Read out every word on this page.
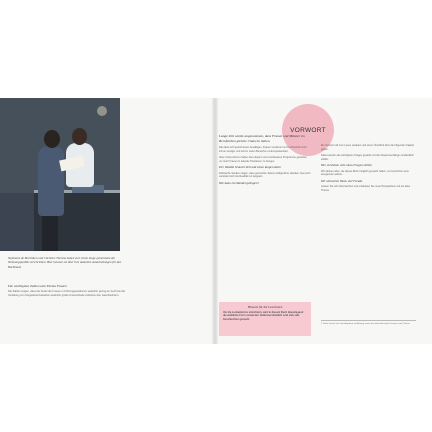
Stephanie de Mortillaro und Christine Theresa haben sich schon lange gemeinsam der Wohnungspolitik verschrieben. Hier beraten sie über ihre aktuellen Ausarbeitungen für den Buchband.
Die wichtigsten Zahlen zum Thema Frauen
Die Zahlen zeigen, dass der Anteil der Frauen in Führungspositionen weiterhin gering ist. Auch bei der Verteilung von Sorgearbeit bestehen weiterhin große Unterschiede zwischen den Geschlechtern.
VORWORT
Lange Zeit wurde angenommen, dass Frauen und Männer im Berufsleben gleiche Chancen haben.
Das lässt sich jedoch kaum bestätigen. Frauen verdienen im Durchschnitt noch immer weniger und sind in vielen Bereichen unterrepräsentiert.
Viele Unternehmen haben das erkannt und verschiedene Programme gestartet, um mehr Frauen in leitende Positionen zu bringen.
Der Wandel braucht Zeit und einen langen Atem
Zahlreiche Studien zeigen, dass gemischte Teams erfolgreicher arbeiten. Dennoch verändert sich die Realität nur langsam.
Wie kann ein Wandel gelingen?
Ein Vorwort soll zum Lesen einladen und einen Überblick über die folgenden Kapitel geben.
Dabei werden die wichtigsten Fragen gestellt und die Zusammenhänge verständlich erklärt.
Wer verstehen will, muss Fragen stellen
Wir danken allen, die dieses Buch möglich gemacht haben, und wünschen eine anregende Lektüre.
Wir wünschen Ihnen viel Freude
Lassen Sie sich überraschen und entdecken Sie neue Perspektiven auf ein altes Thema.
Hinweis für die Leserinnen
Um die Lesbarkeit zu erleichtern, wird in diesem Buch überwiegend die weibliche Form verwendet. Selbstverständlich sind stets alle Geschlechter gemeint.
1 Siehe hierzu auch die Angaben im Anhang sowie die weiterführende Literatur zum Thema.
